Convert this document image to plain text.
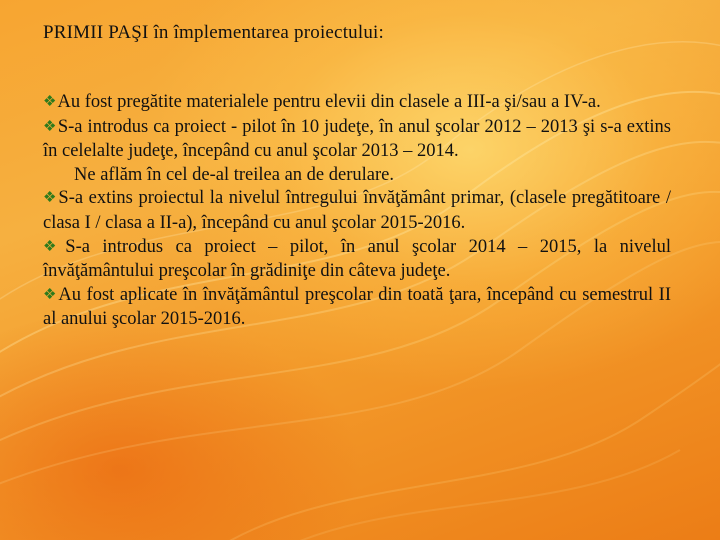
PRIMII PAŞI în împlementarea proiectului:

❖Au fost pregătite materialele pentru elevii din clasele a III-a şi/sau a IV-a.

❖S-a introdus ca proiect - pilot în 10 judeţe, în anul şcolar 2012 – 2013 şi s-a extins în celelalte judeţe, începând cu anul şcolar 2013 – 2014.

Ne aflăm în cel de-al treilea an de derulare.

❖S-a extins proiectul la nivelul întregului învăţământ primar, (clasele pregătitoare / clasa I / clasa a II-a), începând cu anul şcolar 2015-2016.

❖S-a introdus ca proiect – pilot, în anul şcolar 2014 – 2015, la nivelul învăţământului preşcolar în grădiniţe din câteva judeţe.

❖Au fost aplicate în învăţământul preşcolar din toată ţara, începând cu semestrul II al anului şcolar 2015-2016.
